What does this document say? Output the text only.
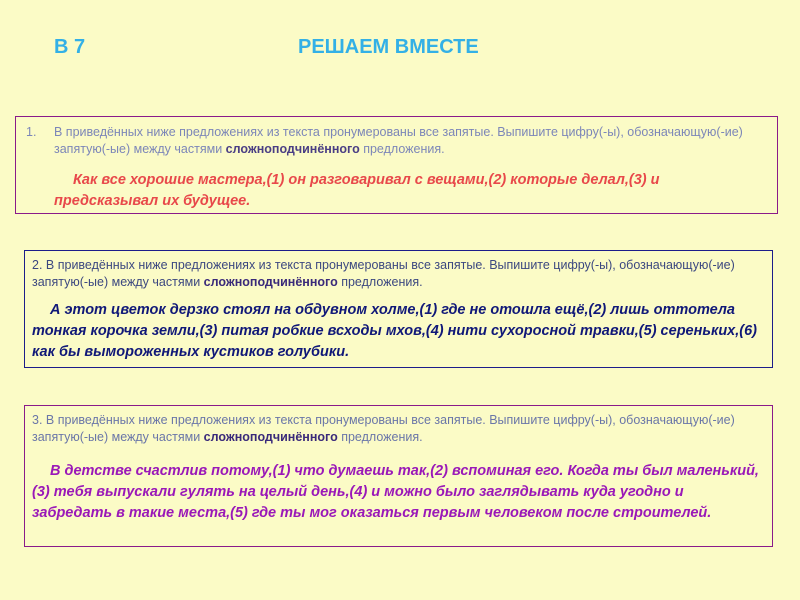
В 7	РЕШАЕМ ВМЕСТЕ

1.	В приведённых ниже предложениях из текста пронумерованы все запятые. Выпишите цифру(-ы), обозначающую(-ие) запятую(-ые) между частями сложноподчинённого предложения.

Как все хорошие мастера,(1) он разговаривал с вещами,(2) которые делал,(3) и предсказывал их будущее.

2. В приведённых ниже предложениях из текста пронумерованы все запятые. Выпишите цифру(-ы), обозначающую(-ие) запятую(-ые) между частями сложноподчинённого предложения.

А этот цветок дерзко стоял на обдувном холме,(1) где не отошла ещё,(2) лишь оттотела тонкая корочка земли,(3) питая робкие всходы мхов,(4) нити сухоросной травки,(5) сереньких,(6) как бы вымороженных кустиков голубики.

3. В приведённых ниже предложениях из текста пронумерованы все запятые. Выпишите цифру(-ы), обозначающую(-ие) запятую(-ые) между частями сложноподчинённого предложения.

В детстве счастлив потому,(1) что думаешь так,(2) вспоминая его. Когда ты был маленький,(3) тебя выпускали гулять на целый день,(4) и можно было заглядывать куда угодно и забредать в такие места,(5) где ты мог оказаться первым человеком после строителей.
